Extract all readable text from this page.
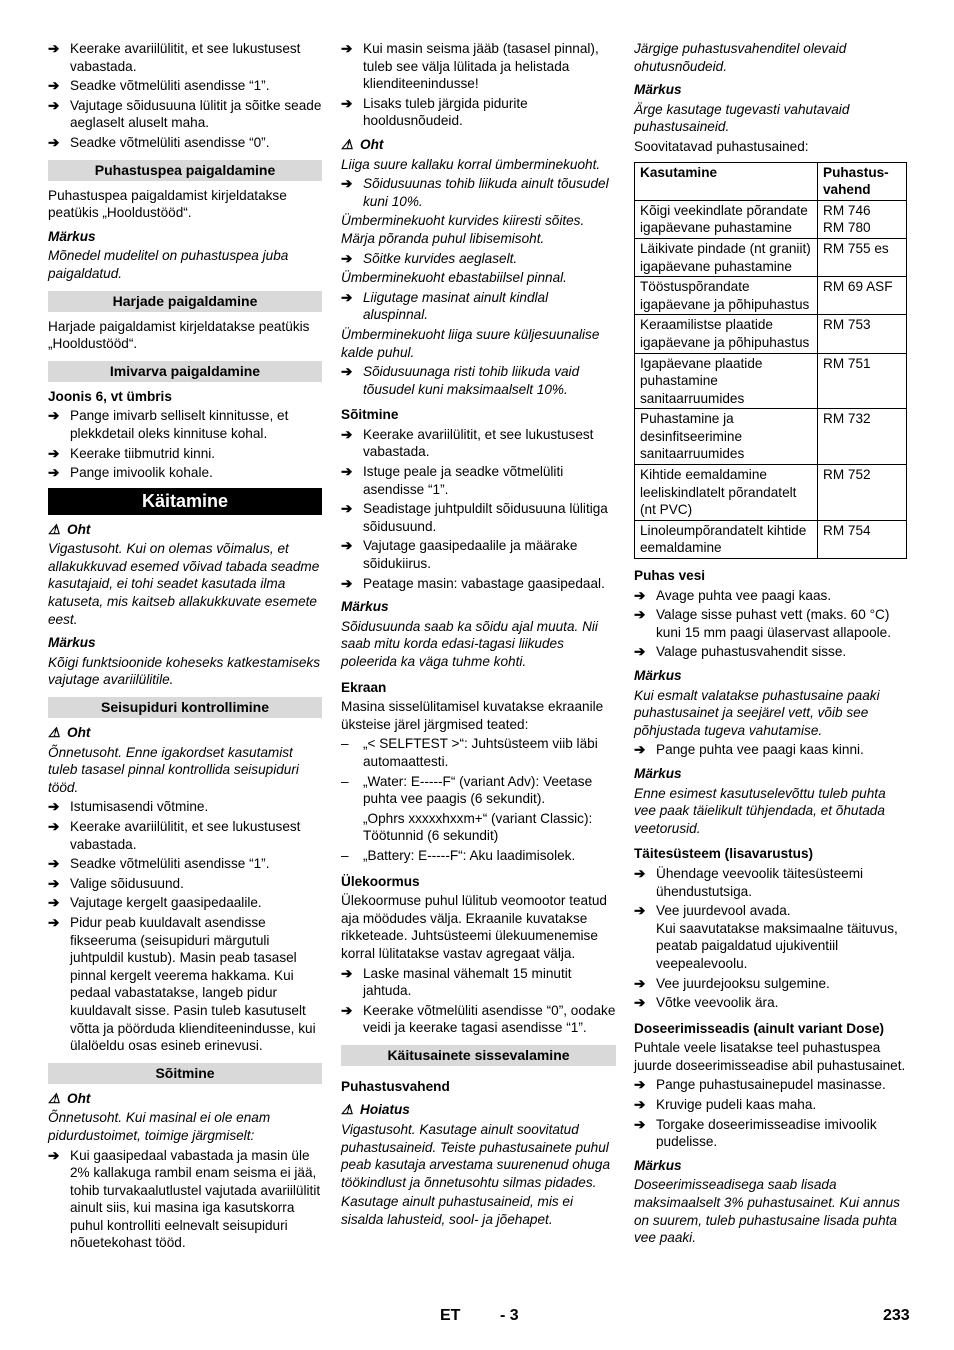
➔ Keerake avariilülitit, et see lukustusest vabastada.
➔ Seadke võtmelüliti asendisse “1”.
➔ Vajutage sõidusuuna lülitit ja sõitke seade aeglaselt aluselt maha.
➔ Seadke võtmelüliti asendisse “0”.
Puhastuspea paigaldamine
Puhastuspea paigaldamist kirjeldatakse peatükis „Hooldustööd“.
Märkus
Mõnedel mudelitel on puhastuspea juba paigaldatud.
Harjade paigaldamine
Harjade paigaldamist kirjeldatakse peatükis „Hooldustööd“.
Imivarva paigaldamine
Joonis 6, vt ümbris
➔ Pange imivarb selliselt kinnitusse, et plekkdetail oleks kinnituse kohal.
➔ Keerake tiibmutrid kinni.
➔ Pange imivoolik kohale.
Käitamine
⚠ Oht
Vigastusoht. Kui on olemas võimalus, et allakukkuvad esemed võivad tabada seadme kasutajaid, ei tohi seadet kasutada ilma katuseta, mis kaitseb allakukkuvate esemete eest.
Märkus
Kõigi funktsioonide koheseks katkestamiseks vajutage avariilülitile.
Seisupiduri kontrollimine
⚠ Oht
Õnnetusoht. Enne igakordset kasutamist tuleb tasasel pinnal kontrollida seisupiduri tööd.
➔ Istumisasendi võtmine.
➔ Keerake avariilülitit, et see lukustusest vabastada.
➔ Seadke võtmelüliti asendisse “1”.
➔ Valige sõidusuund.
➔ Vajutage kergelt gaasipedaalile.
➔ Pidur peab kuuldavalt asendisse fikseeruma (seisupiduri märgutuli juhtpuldil kustub). Masin peab tasasel pinnal kergelt veerema hakkama. Kui pedaal vabastatakse, langeb pidur kuuldavalt sisse. Pasin tuleb kasutuselt võtta ja pöörduda klienditeenindusse, kui ülalöeldu osas esineb erinevusi.
Sõitmine
⚠ Oht
Õnnetusoht. Kui masinal ei ole enam pidurdustoimet, toimige järgmiselt:
➔ Kui gaasipedaal vabastada ja masin üle 2% kallakuga rambil enam seisma ei jää, tohib turvakaalutlustel vajutada avariilülitit ainult siis, kui masina iga kasutskorra puhul kontrolliti eelnevalt seisupiduri nõuetekohast tööd.
➔ Kui masin seisma jääb (tasasel pinnal), tuleb see välja lülitada ja helistada klienditeenindusse!
➔ Lisaks tuleb järgida pidurite hooldusnõudeid.
⚠ Oht
Liiga suure kallaku korral ümberminekuoht.
➔ Sõidusuunas tohib liikuda ainult tõusudel kuni 10%.
Ümberminekuoht kurvides kiiresti sõites. Märja põranda puhul libisemisoht.
➔ Sõitke kurvides aeglaselt.
Ümberminekuoht ebastabiilsel pinnal.
➔ Liigutage masinat ainult kindlal aluspinnal.
Ümberminekuoht liiga suure küljesuunalise kalde puhul.
➔ Sõidusuunaga risti tohib liikuda vaid tõusudel kuni maksimaalselt 10%.
Sõitmine
➔ Keerake avariilülitit, et see lukustusest vabastada.
➔ Istuge peale ja seadke võtmelüliti asendisse “1”.
➔ Seadistage juhtpuldilt sõidusuuna lülitiga sõidusuund.
➔ Vajutage gaasipedaalile ja määrake sõidukiirus.
➔ Peatage masin: vabastage gaasipedaal.
Märkus
Sõidusuunda saab ka sõidu ajal muuta. Nii saab mitu korda edasi-tagasi liikudes poleerida ka väga tuhme kohti.
Ekraan
Masina sisselülitamisel kuvatakse ekraanile üksteise järel järgmised teated:
– „< SELFTEST >“: Juhtsüsteem viib läbi automaattesti.
– „Water: E-----F“ (variant Adv): Veetase puhta vee paagis (6 sekundit).
„Ophrs xxxxxhxxm+“ (variant Classic): Töötunnid (6 sekundit)
– „Battery: E-----F“: Aku laadimisolek.
Ülekoormus
Ülekoormuse puhul lülitub veomootor teatud aja möödudes välja. Ekraanile kuvatakse rikketeade. Juhtsüsteemi ülekuumenemise korral lülitatakse vastav agregaat välja.
➔ Laske masinal vähemalt 15 minutit jahtuda.
➔ Keerake võtmelüliti asendisse “0”, oodake veidi ja keerake tagasi asendisse “1”.
Käitusainete sissevalamine
Puhastusvahend
⚠ Hoiatus
Vigastusoht. Kasutage ainult soovitatud puhastusaineid. Teiste puhastusainete puhul peab kasutaja arvestama suurenenud ohuga töökindlust ja õnnetusohtu silmas pidades.
Kasutage ainult puhastusaineid, mis ei sisalda lahusteid, sool- ja jõehapet.
Järgige puhastusvahenditel olevaid ohutusnõudeid.
Märkus
Ärge kasutage tugevasti vahutavaid puhastusaineid.
Soovitatavad puhastusained:
Kasutamine	Puhastus-vahend
Kõigi veekindlate põrandate igapäevane puhastamine	RM 746
RM 780
Läikivate pindade (nt graniit) igapäevane puhastamine	RM 755 es
Tööstuspõrandate igapäevane ja põhipuhastus	RM 69 ASF
Keraamilistse plaatide igapäevane ja põhipuhastus	RM 753
Igapäevane plaatide puhastamine sanitaarruumides	RM 751
Puhastamine ja desinfitseerimine sanitaarruumides	RM 732
Kihtide eemaldamine leeliskindlatelt põrandatelt (nt PVC)	RM 752
Linoleumpõrandatelt kihtide eemaldamine	RM 754
Puhas vesi
➔ Avage puhta vee paagi kaas.
➔ Valage sisse puhast vett (maks. 60 °C) kuni 15 mm paagi ülaservast allapoole.
➔ Valage puhastusvahendit sisse.
Märkus
Kui esmalt valatakse puhastusaine paaki puhastusainet ja seejärel vett, võib see põhjustada tugeva vahutamise.
➔ Pange puhta vee paagi kaas kinni.
Märkus
Enne esimest kasutuselevõttu tuleb puhta vee paak täielikult tühjendada, et õhutada veetorusid.
Täitesüsteem (lisavarustus)
➔ Ühendage veevoolik täitesüsteemi ühendustutsiga.
➔ Vee juurdevool avada.
Kui saavutatakse maksimaalne täituvus, peatab paigaldatud ujukiventiil veepealevoolu.
➔ Vee juurdejooksu sulgemine.
➔ Võtke veevoolik ära.
Doseerimisseadis (ainult variant Dose)
Puhtale veele lisatakse teel puhastuspea juurde doseerimisseadise abil puhastusainet.
➔ Pange puhastusainepudel masinasse.
➔ Kruvige pudeli kaas maha.
➔ Torgake doseerimisseadise imivoolik pudelisse.
Märkus
Doseerimisseadisega saab lisada maksimaalselt 3% puhastusainet. Kui annus on suurem, tuleb puhastusaine lisada puhta vee paaki.
ET - 3	233
